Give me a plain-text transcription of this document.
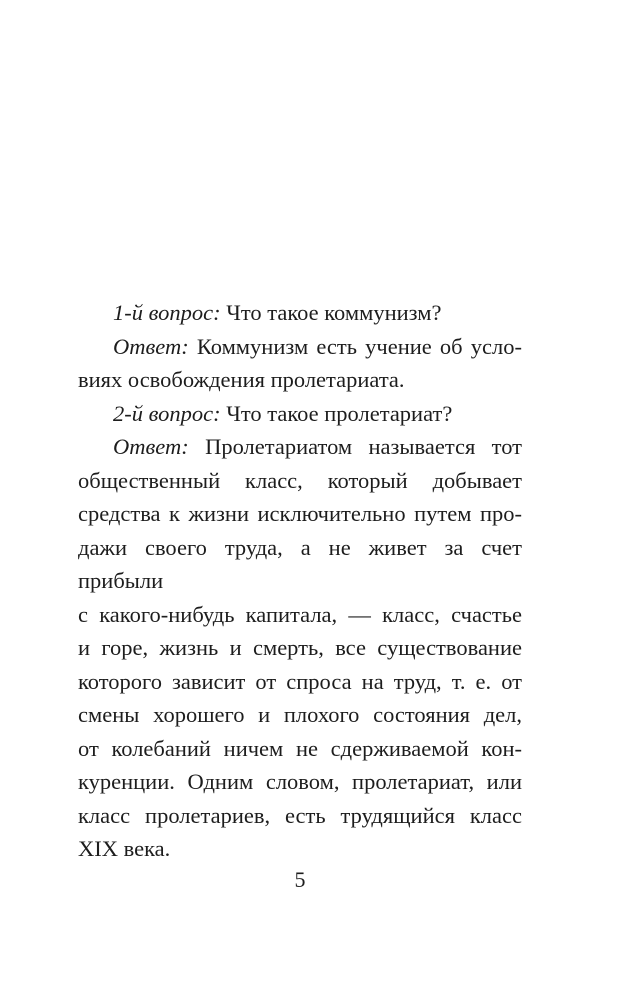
1-й вопрос: Что такое коммунизм?
Ответ: Коммунизм есть учение об усло-
виях освобождения пролетариата.
2-й вопрос: Что такое пролетариат?
Ответ: Пролетариатом называется тот
общественный класс, который добывает
средства к жизни исключительно путем про-
дажи своего труда, а не живет за счет прибыли
с какого-нибудь капитала, — класс, счастье
и горе, жизнь и смерть, все существование
которого зависит от спроса на труд, т. е. от
смены хорошего и плохого состояния дел,
от колебаний ничем не сдерживаемой кон-
куренции. Одним словом, пролетариат, или
класс пролетариев, есть трудящийся класс
XIX века.
5
